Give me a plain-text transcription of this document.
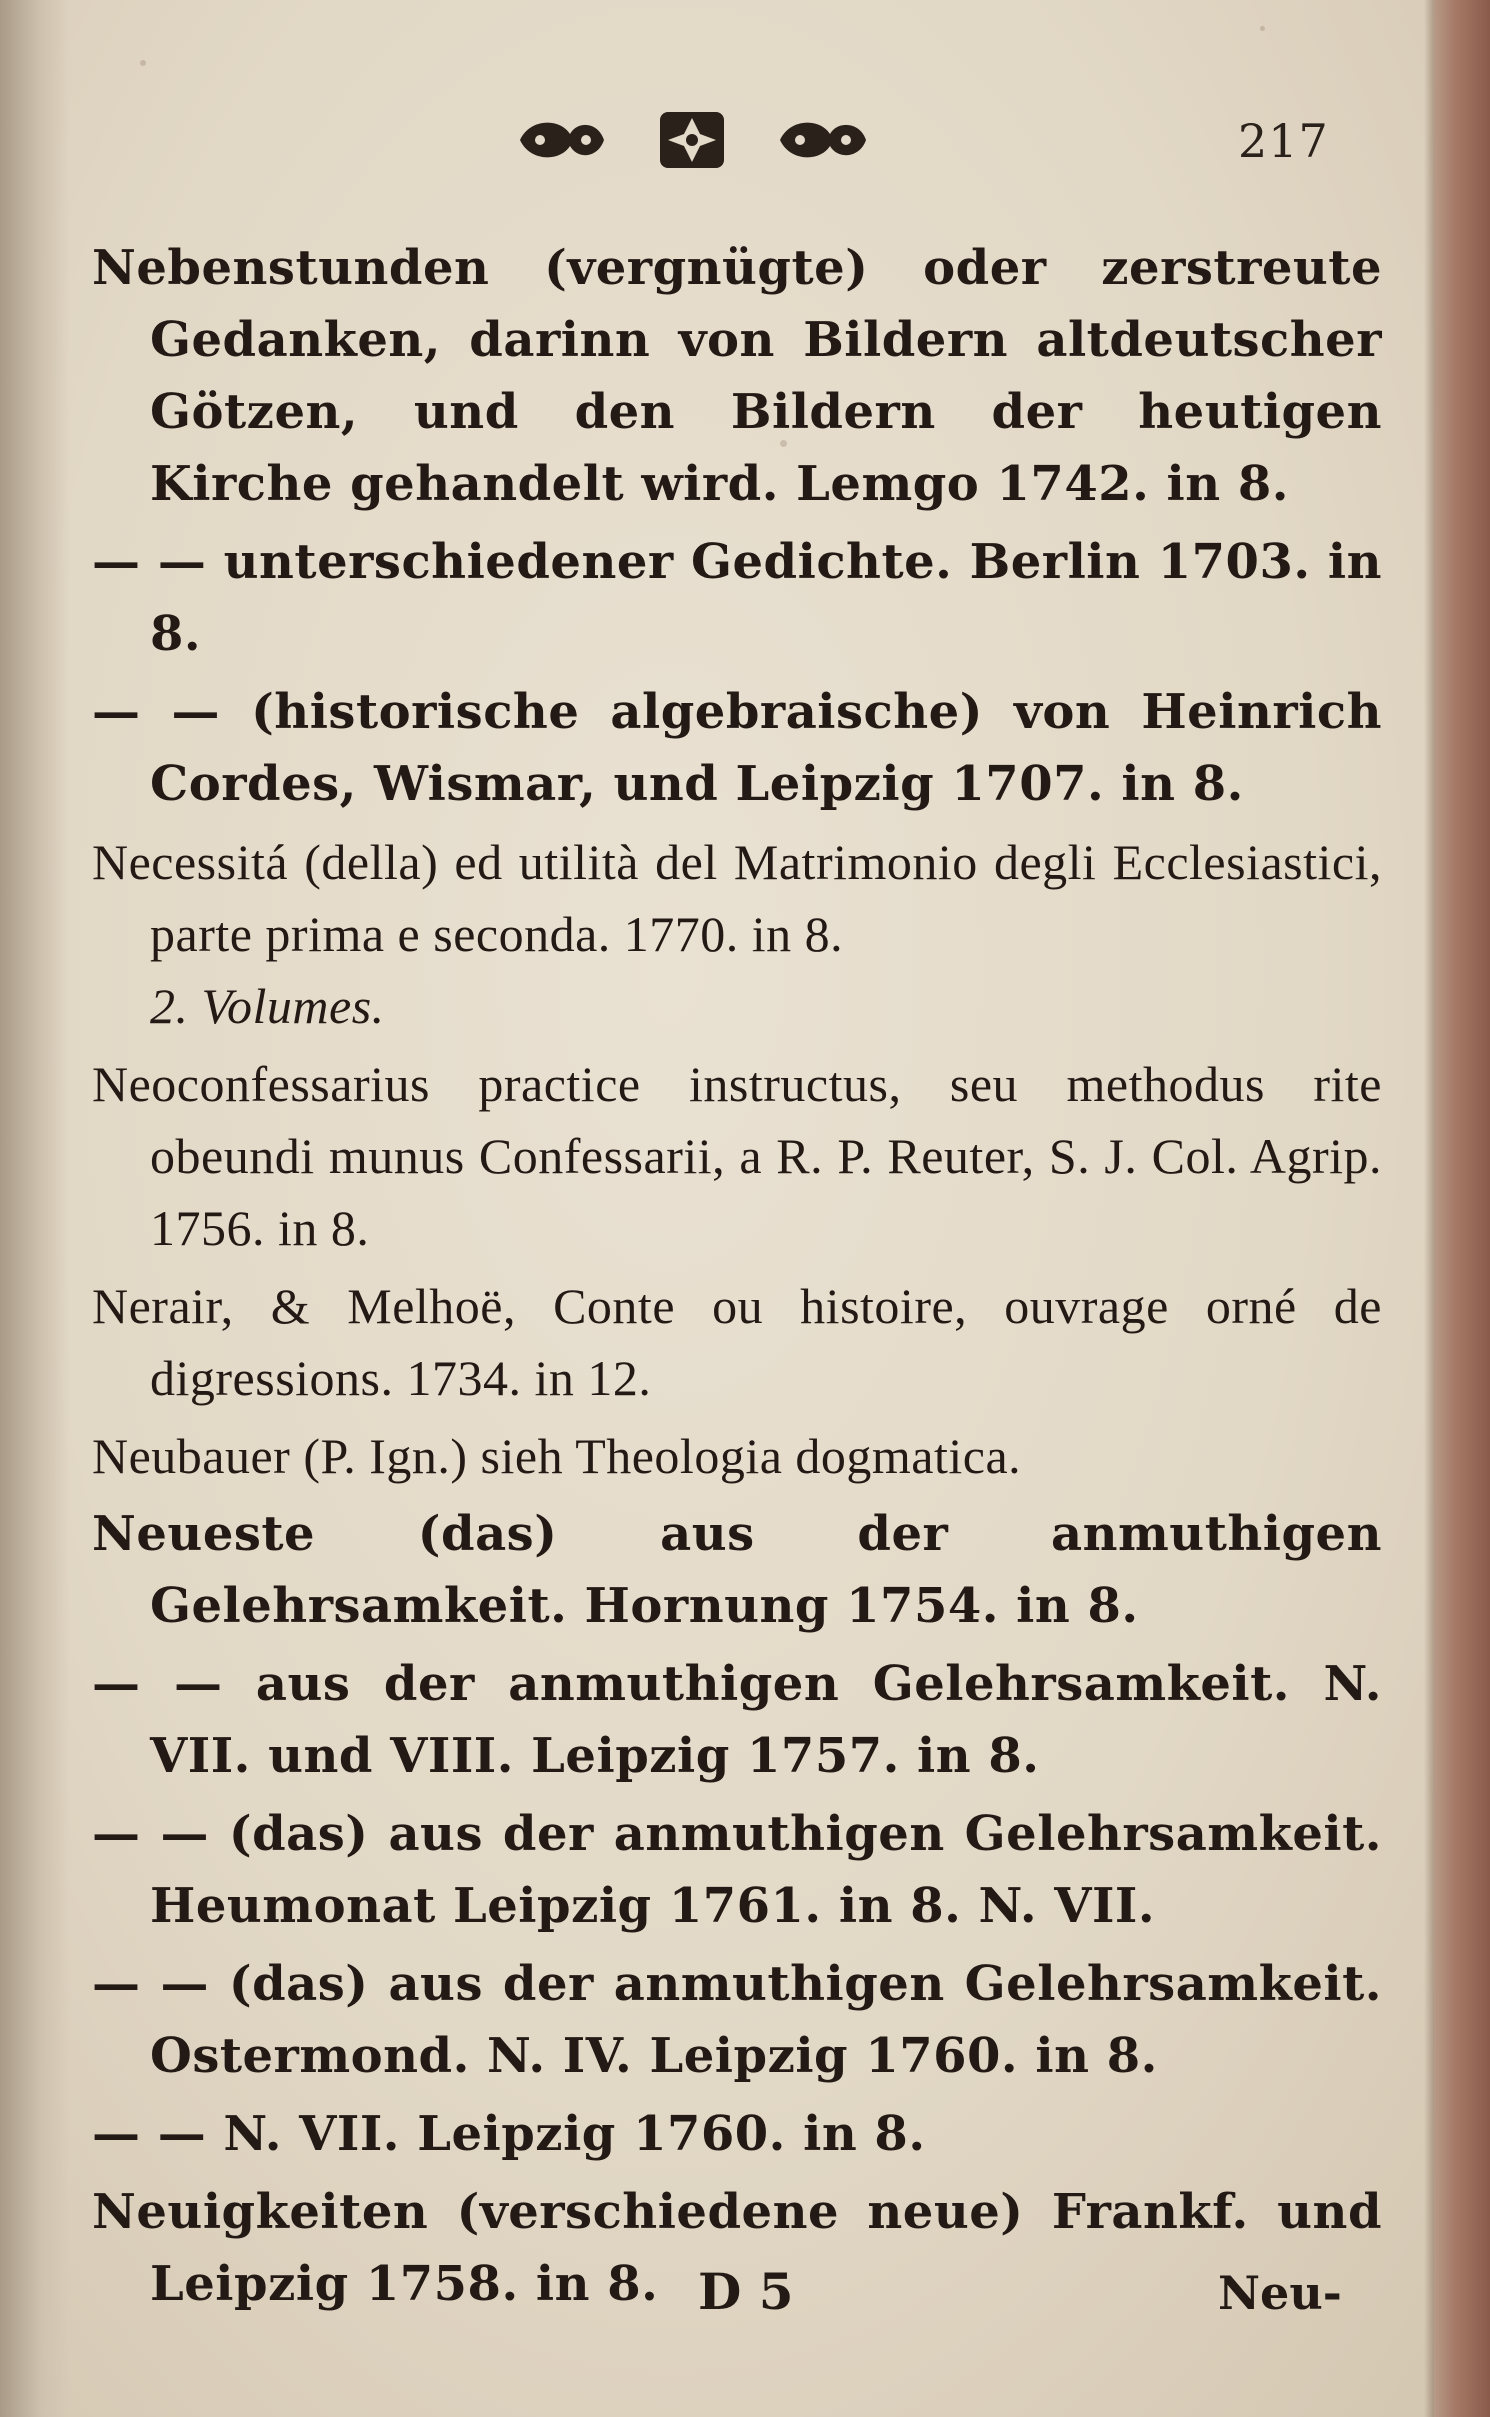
217

Nebenstunden (vergnügte) oder zerstreute Gedanken, darinn von Bildern altdeutscher Götzen, und den Bildern der heutigen Kirche gehandelt wird. Lemgo 1742. in 8.

— — unterschiedener Gedichte. Berlin 1703. in 8.

— — (historische algebraische) von Heinrich Cordes, Wismar, und Leipzig 1707. in 8.

Necessitá (della) ed utilità del Matrimonio degli Ecclesiastici, parte prima e seconda. 1770. in 8.

2. Volumes.

Neoconfessarius practice instructus, seu methodus rite obeundi munus Confessarii, a R. P. Reuter, S. J. Col. Agrip. 1756. in 8.

Nerair, & Melhoë, Conte ou histoire, ouvrage orné de digressions. 1734. in 12.

Neubauer (P. Ign.) sieh Theologia dogmatica.

Neueste (das) aus der anmuthigen Gelehrsamkeit. Hornung 1754. in 8.

— — aus der anmuthigen Gelehrsamkeit. N. VII. und VIII. Leipzig 1757. in 8.

— — (das) aus der anmuthigen Gelehrsamkeit. Heumonat Leipzig 1761. in 8. N. VII.

— — (das) aus der anmuthigen Gelehrsamkeit. Ostermond. N. IV. Leipzig 1760. in 8.

— — N. VII. Leipzig 1760. in 8.

Neuigkeiten (verschiedene neue) Frankf. und Leipzig 1758. in 8. D 5	Neu-
